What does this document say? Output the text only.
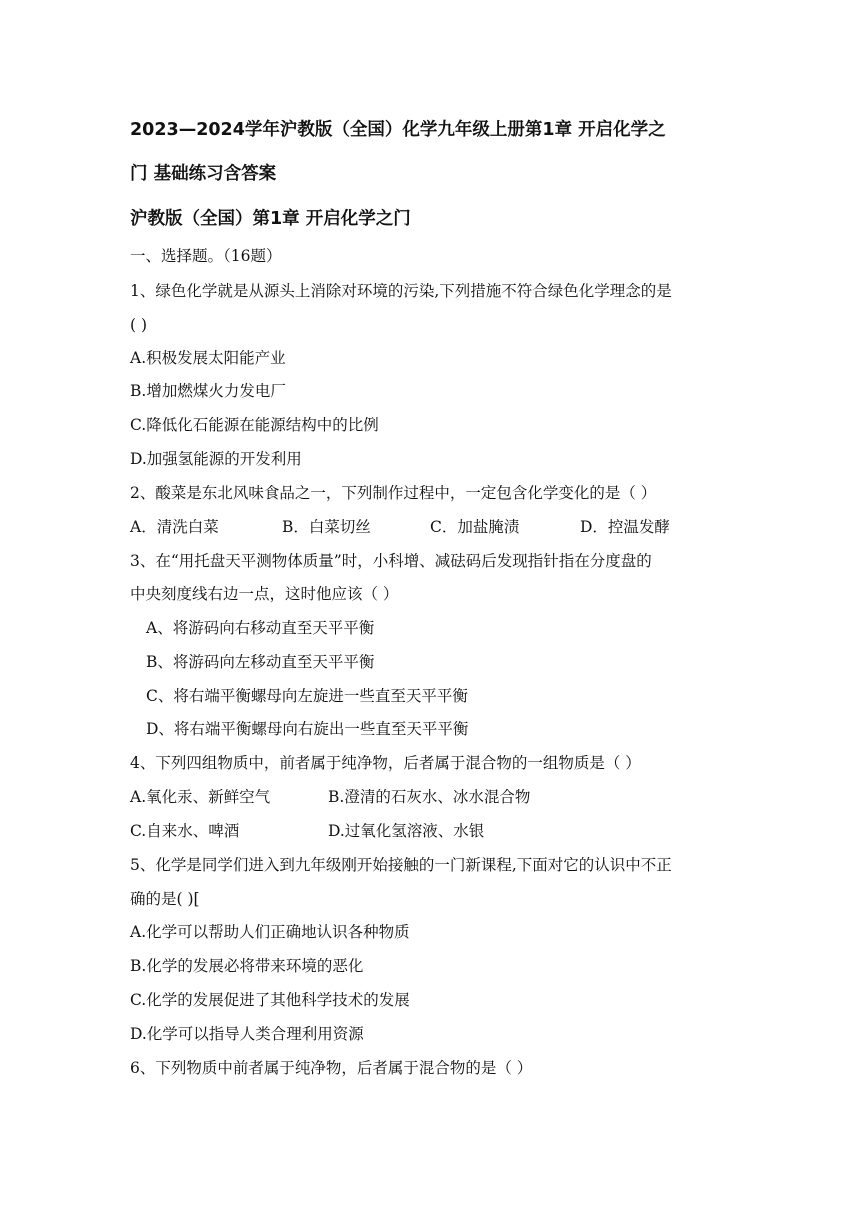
2023—2024学年沪教版（全国）化学九年级上册第1章 开启化学之
门 基础练习含答案
沪教版（全国）第1章 开启化学之门
一、选择题。（16题）
1、绿色化学就是从源头上消除对环境的污染,下列措施不符合绿色化学理念的是
( )
A.积极发展太阳能产业
B.增加燃煤火力发电厂
C.降低化石能源在能源结构中的比例
D.加强氢能源的开发利用
2、酸菜是东北风味食品之一，下列制作过程中，一定包含化学变化的是（ ）
A．清洗白菜	B．白菜切丝	C．加盐腌渍	D．控温发酵
3、在“用托盘天平测物体质量”时，小科增、减砝码后发现指针指在分度盘的
中央刻度线右边一点，这时他应该（ ）
A、将游码向右移动直至天平平衡
B、将游码向左移动直至天平平衡
C、将右端平衡螺母向左旋进一些直至天平平衡
D、将右端平衡螺母向右旋出一些直至天平平衡
4、下列四组物质中，前者属于纯净物，后者属于混合物的一组物质是（ ）
A.氧化汞、新鲜空气	B.澄清的石灰水、冰水混合物
C.自来水、啤酒	D.过氧化氢溶液、水银
5、化学是同学们进入到九年级刚开始接触的一门新课程,下面对它的认识中不正
确的是( )[
A.化学可以帮助人们正确地认识各种物质
B.化学的发展必将带来环境的恶化
C.化学的发展促进了其他科学技术的发展
D.化学可以指导人类合理利用资源
6、下列物质中前者属于纯净物，后者属于混合物的是（ ）
